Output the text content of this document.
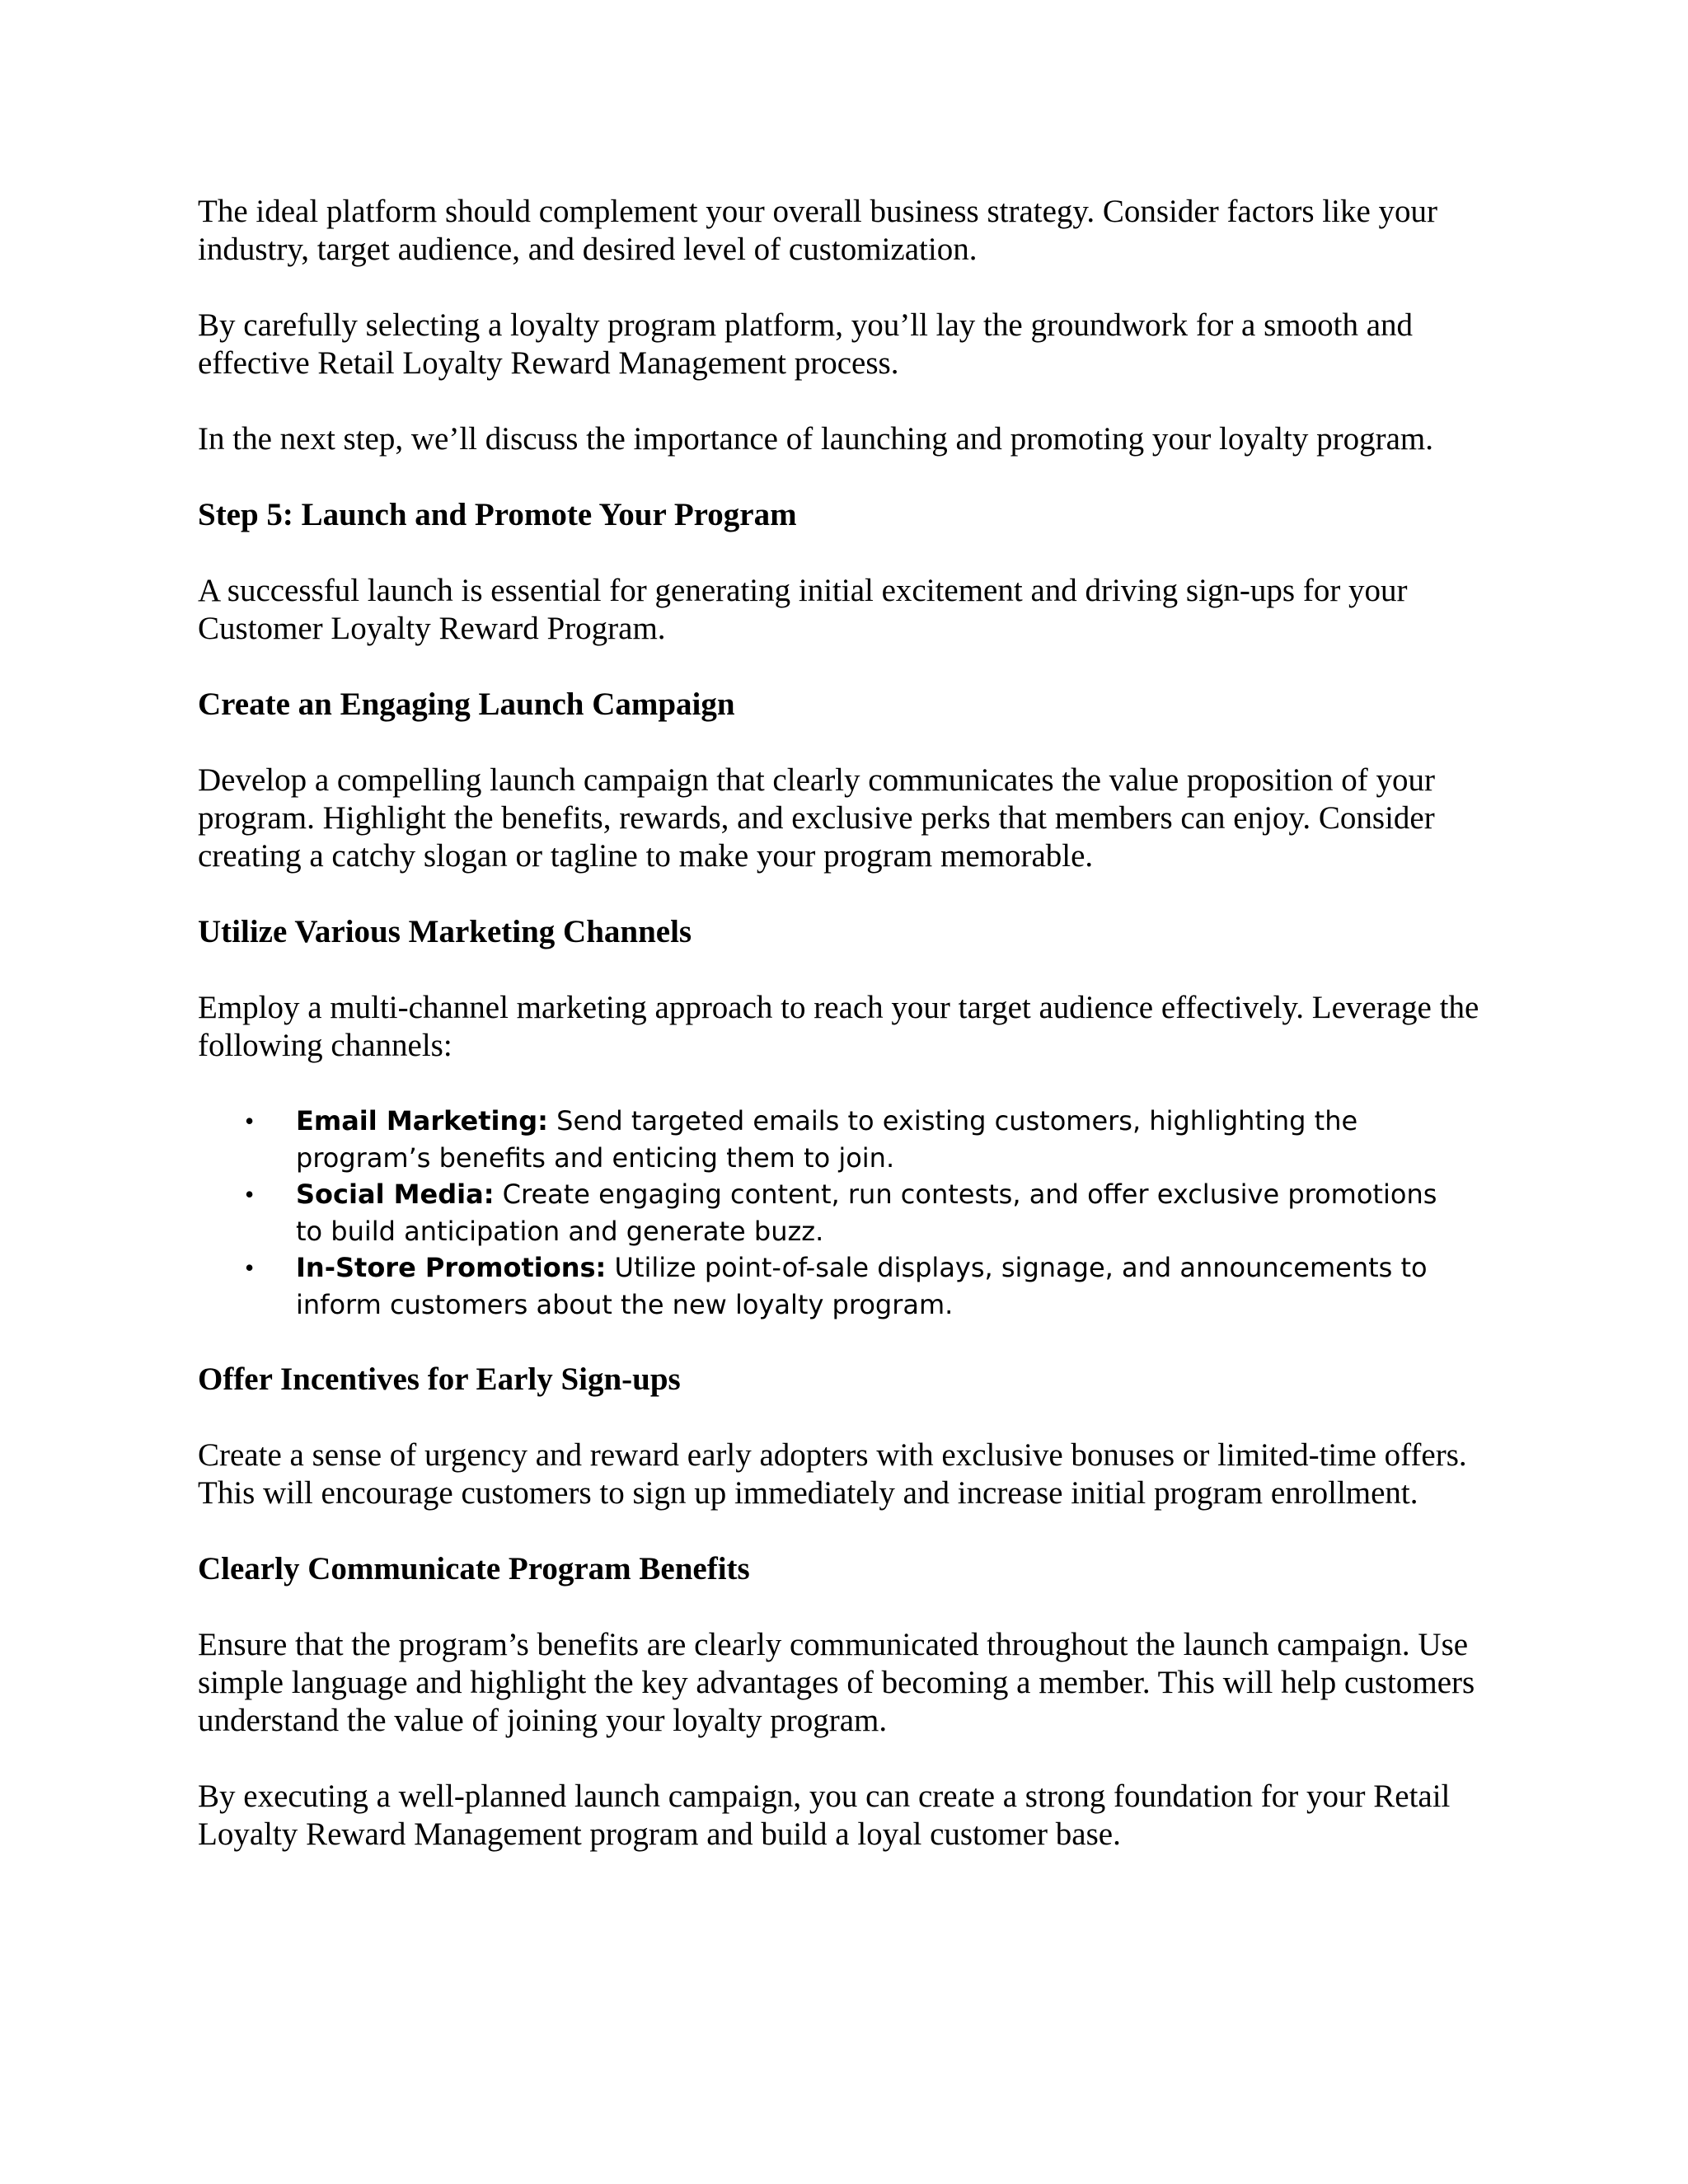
The ideal platform should complement your overall business strategy. Consider factors like your industry, target audience, and desired level of customization.

By carefully selecting a loyalty program platform, you’ll lay the groundwork for a smooth and effective Retail Loyalty Reward Management process.

In the next step, we’ll discuss the importance of launching and promoting your loyalty program.

Step 5: Launch and Promote Your Program

A successful launch is essential for generating initial excitement and driving sign-ups for your Customer Loyalty Reward Program.

Create an Engaging Launch Campaign

Develop a compelling launch campaign that clearly communicates the value proposition of your program. Highlight the benefits, rewards, and exclusive perks that members can enjoy. Consider creating a catchy slogan or tagline to make your program memorable.

Utilize Various Marketing Channels

Employ a multi-channel marketing approach to reach your target audience effectively. Leverage the following channels:

• Email Marketing: Send targeted emails to existing customers, highlighting the program’s benefits and enticing them to join.
• Social Media: Create engaging content, run contests, and offer exclusive promotions to build anticipation and generate buzz.
• In-Store Promotions: Utilize point-of-sale displays, signage, and announcements to inform customers about the new loyalty program.

Offer Incentives for Early Sign-ups

Create a sense of urgency and reward early adopters with exclusive bonuses or limited-time offers. This will encourage customers to sign up immediately and increase initial program enrollment.

Clearly Communicate Program Benefits

Ensure that the program’s benefits are clearly communicated throughout the launch campaign. Use simple language and highlight the key advantages of becoming a member. This will help customers understand the value of joining your loyalty program.

By executing a well-planned launch campaign, you can create a strong foundation for your Retail Loyalty Reward Management program and build a loyal customer base.
